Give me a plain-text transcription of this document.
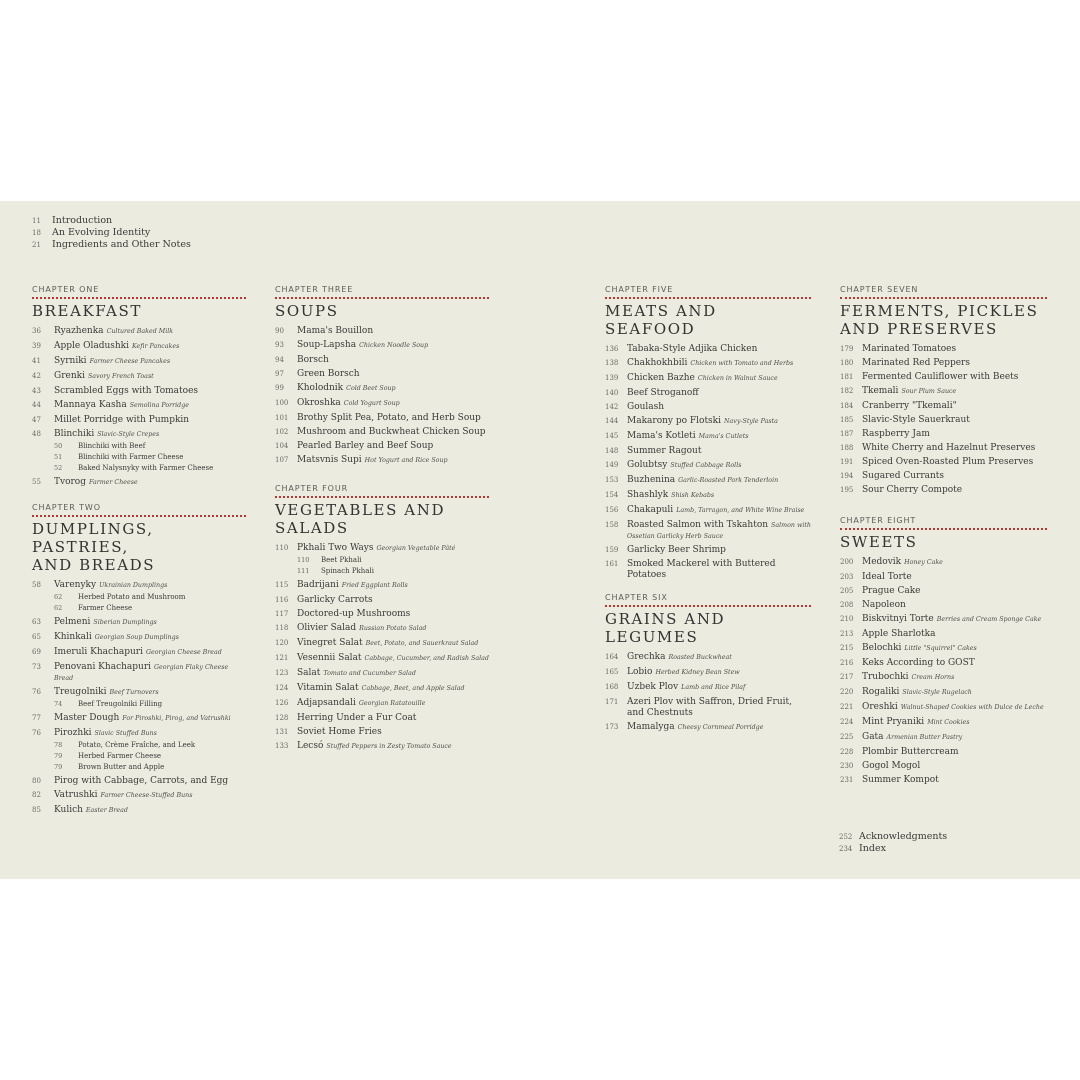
11	Introduction
18	An Evolving Identity
21	Ingredients and Other Notes
CHAPTER ONE
BREAKFAST
36	Ryazhenka Cultured Baked Milk
39	Apple Oladushki Kefir Pancakes
41	Syrniki Farmer Cheese Pancakes
42	Grenki Savory French Toast
43	Scrambled Eggs with Tomatoes
44	Mannaya Kasha Semolina Porridge
47	Millet Porridge with Pumpkin
48	Blinchiki Slavic-Style Crepes
50	Blinchiki with Beef
51	Blinchiki with Farmer Cheese
52	Baked Nalysnyky with Farmer Cheese
55	Tvorog Farmer Cheese
CHAPTER TWO
DUMPLINGS, PASTRIES,
AND BREADS
58	Varenyky Ukrainian Dumplings
62	Herbed Potato and Mushroom
62	Farmer Cheese
63	Pelmeni Siberian Dumplings
65	Khinkali Georgian Soup Dumplings
69	Imeruli Khachapuri Georgian Cheese Bread
73	Penovani Khachapuri Georgian Flaky Cheese Bread
76	Treugolniki Beef Turnovers
74	Beef Treugolniki Filling
77	Master Dough For Piroshki, Pirog, and Vatrushki
76	Pirozhki Slavic Stuffed Buns
78	Potato, Crème Fraîche, and Leek
79	Herbed Farmer Cheese
79	Brown Butter and Apple
80	Pirog with Cabbage, Carrots, and Egg
82	Vatrushki Farmer Cheese-Stuffed Buns
85	Kulich Easter Bread
CHAPTER THREE
SOUPS
90	Mama's Bouillon
93	Soup-Lapsha Chicken Noodle Soup
94	Borsch
97	Green Borsch
99	Kholodnik Cold Beet Soup
100 Okroshka Cold Yogurt Soup
101 Brothy Split Pea, Potato, and Herb Soup
102 Mushroom and Buckwheat Chicken Soup
104 Pearled Barley and Beef Soup
107 Matsvnis Supi Hot Yogurt and Rice Soup
CHAPTER FOUR
VEGETABLES AND
SALADS
110 Pkhali Two Ways Georgian Vegetable Pâté
110	Beet Pkhali
111	Spinach Pkhali
115 Badrijani Fried Eggplant Rolls
116 Garlicky Carrots
117 Doctored-up Mushrooms
118 Olivier Salad Russian Potato Salad
120 Vinegret Salat Beet, Potato, and Sauerkraut Salad
121 Vesennii Salat Cabbage, Cucumber, and Radish Salad
123 Salat Tomato and Cucumber Salad
124 Vitamin Salat Cabbage, Beet, and Apple Salad
126 Adjapsandali Georgian Ratatouille
128 Herring Under a Fur Coat
131 Soviet Home Fries
133 Lecsó Stuffed Peppers in Zesty Tomato Sauce
CHAPTER FIVE
MEATS AND SEAFOOD
136 Tabaka-Style Adjika Chicken
138 Chakhokhbili Chicken with Tomato and Herbs
139 Chicken Bazhe Chicken in Walnut Sauce
140 Beef Stroganoff
142 Goulash
144 Makarony po Flotski Navy-Style Pasta
145 Mama's Kotleti Mama's Cutlets
148 Summer Ragout
149 Golubtsy Stuffed Cabbage Rolls
153 Buzhenina Garlic-Roasted Pork Tenderloin
154 Shashlyk Shish Kebabs
156 Chakapuli Lamb, Tarragon, and White Wine Braise
158 Roasted Salmon with Tskahton Salmon with Ossetian Garlicky Herb Sauce
159 Garlicky Beer Shrimp
161 Smoked Mackerel with Buttered Potatoes
CHAPTER SIX
GRAINS AND LEGUMES
164 Grechka Roasted Buckwheat
165 Lobio Herbed Kidney Bean Stew
168 Uzbek Plov Lamb and Rice Pilaf
171 Azeri Plov with Saffron, Dried Fruit, and Chestnuts
173 Mamalyga Cheesy Cornmeal Porridge
CHAPTER SEVEN
FERMENTS, PICKLES
AND PRESERVES
179 Marinated Tomatoes
180 Marinated Red Peppers
181 Fermented Cauliflower with Beets
182 Tkemali Sour Plum Sauce
184 Cranberry "Tkemali"
185 Slavic-Style Sauerkraut
187 Raspberry Jam
188 White Cherry and Hazelnut Preserves
191 Spiced Oven-Roasted Plum Preserves
194 Sugared Currants
195 Sour Cherry Compote
CHAPTER EIGHT
SWEETS
200 Medovik Honey Cake
203 Ideal Torte
205 Prague Cake
208 Napoleon
210 Biskvitnyi Torte Berries and Cream Sponge Cake
213 Apple Sharlotka
215 Belochki Little "Squirrel" Cakes
216 Keks According to GOST
217 Trubochki Cream Horns
220 Rogaliki Slavic-Style Rugelach
221 Oreshki Walnut-Shaped Cookies with Dulce de Leche
224 Mint Pryaniki Mint Cookies
225 Gata Armenian Butter Pastry
228 Plombir Buttercream
230 Gogol Mogol
231 Summer Kompot
252 Acknowledgments
234 Index
